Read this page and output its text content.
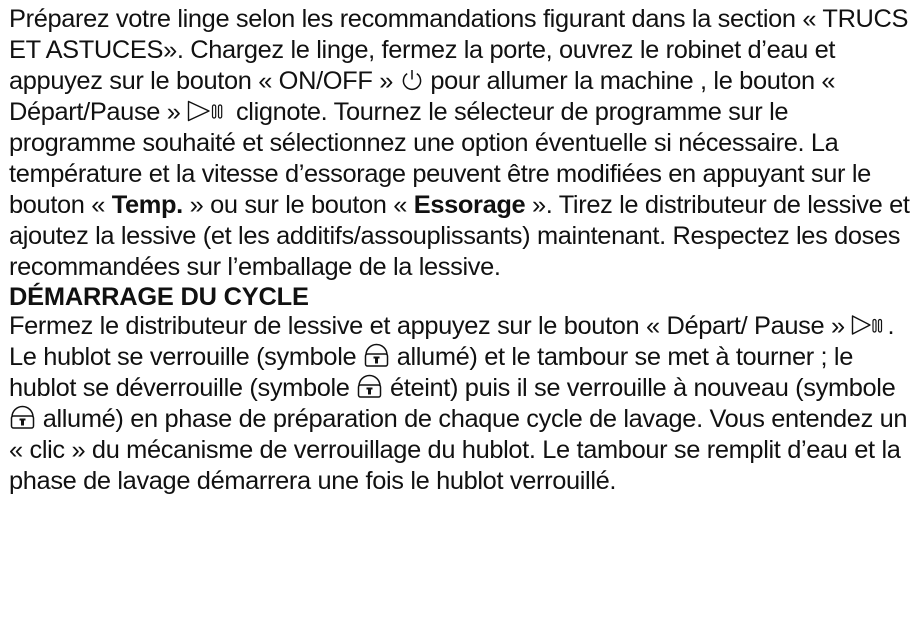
Préparez votre linge selon les recommandations figurant dans la section « TRUCS ET ASTUCES». Chargez le linge, fermez la porte, ouvrez le robinet d’eau et appuyez sur le bouton « ON/OFF »
pour allumer la machine , le bouton « Départ/Pause »
clignote. Tournez le sélecteur de programme sur le programme souhaité et sélectionnez une option éventuelle si nécessaire. La température et la vitesse d’essorage peuvent être modifiées en appuyant sur le bouton « Temp. » ou sur le bouton « Essorage ». Tirez le distributeur de lessive et ajoutez la lessive (et les additifs/assouplissants) maintenant. Respectez les doses recommandées sur l’emballage de la lessive.

DÉMARRAGE DU CYCLE

Fermez le distributeur de lessive et appuyez sur le bouton « Départ/ Pause »
.

Le hublot se verrouille (symbole
allumé) et le tambour se met à tourner ; le hublot se déverrouille (symbole
éteint) puis il se verrouille à nouveau (symbole
allumé) en phase de préparation de chaque cycle de lavage. Vous entendez un « clic » du mécanisme de verrouillage du hublot. Le tambour se remplit d’eau et la phase de lavage démarrera une fois le hublot verrouillé.
